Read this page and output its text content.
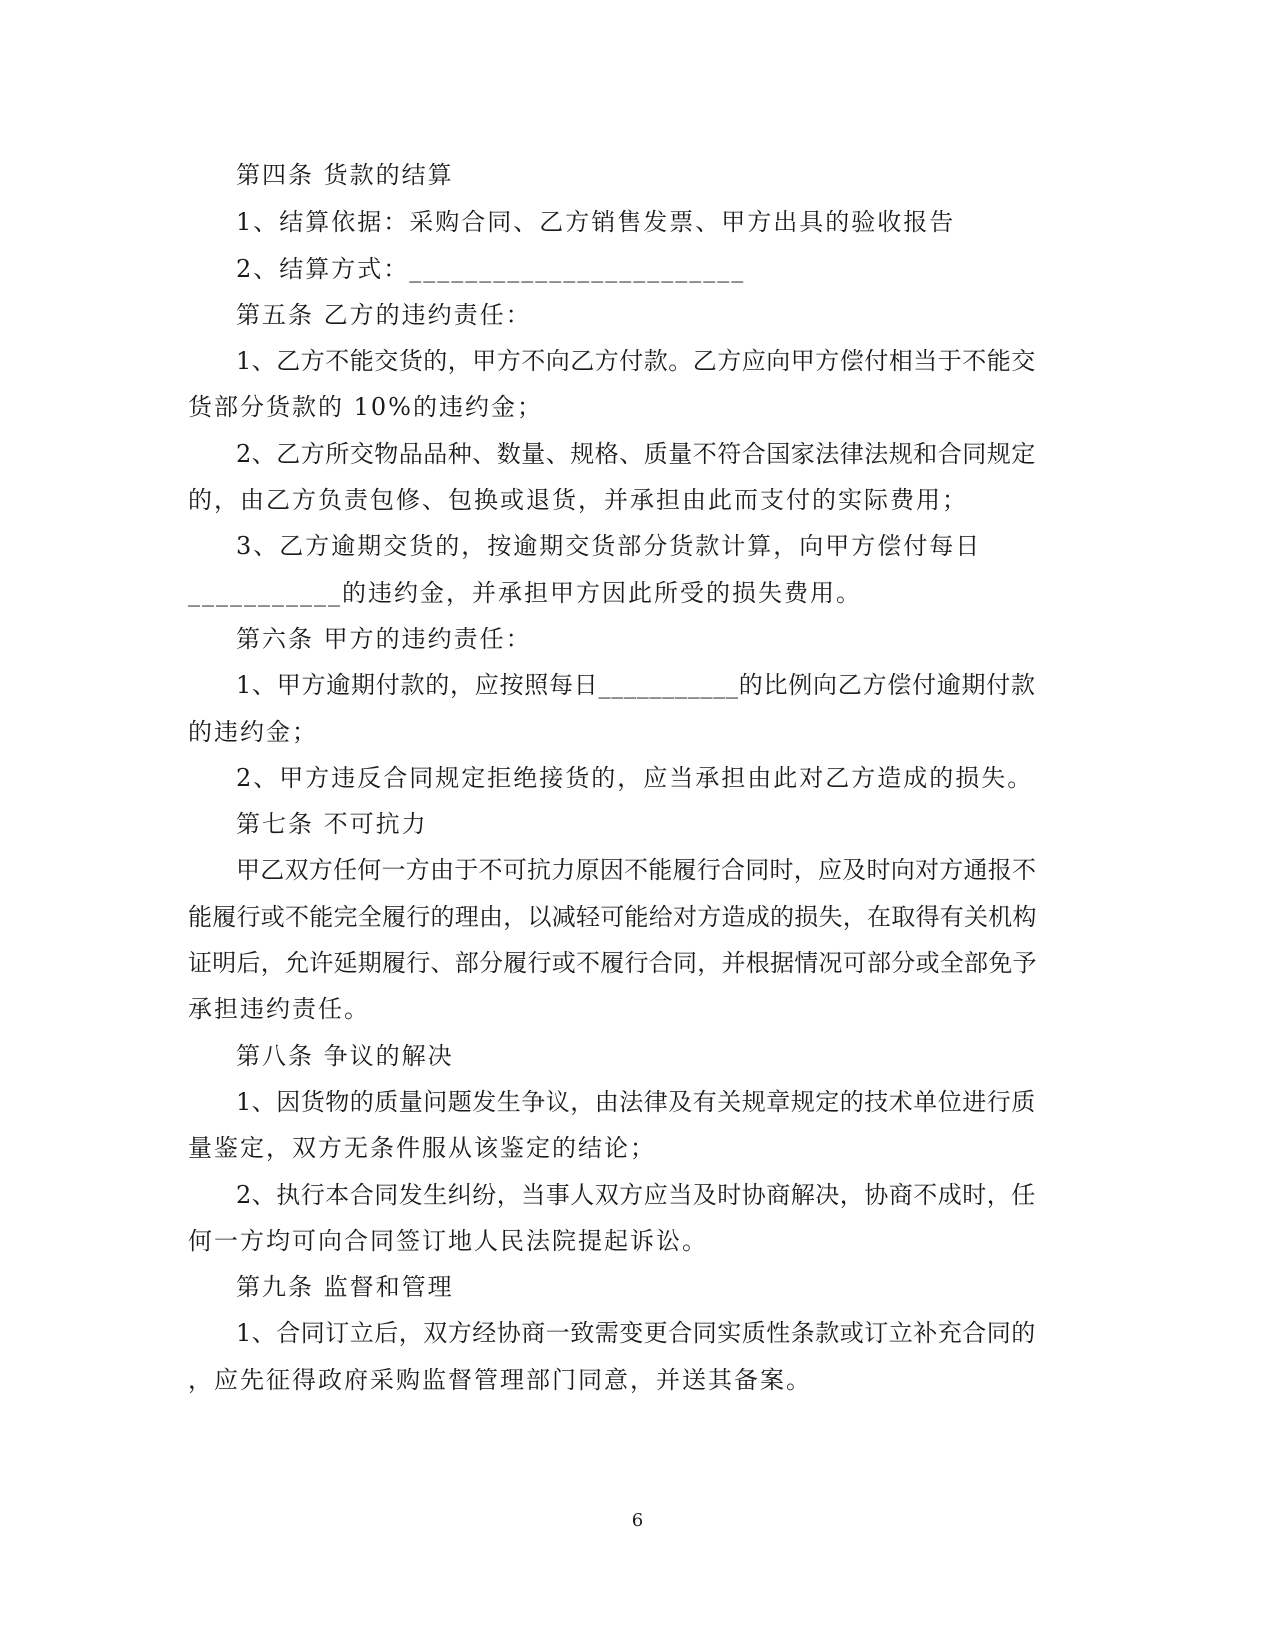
第四条 货款的结算
1、结算依据：采购合同、乙方销售发票、甲方出具的验收报告
2、结算方式：________________________
第五条 乙方的违约责任：
1、乙方不能交货的，甲方不向乙方付款。乙方应向甲方偿付相当于不能交
货部分货款的 10%的违约金；
2、乙方所交物品品种、数量、规格、质量不符合国家法律法规和合同规定
的，由乙方负责包修、包换或退货，并承担由此而支付的实际费用；
3、乙方逾期交货的，按逾期交货部分货款计算，向甲方偿付每日
___________的违约金，并承担甲方因此所受的损失费用。
第六条 甲方的违约责任：
1、甲方逾期付款的，应按照每日___________的比例向乙方偿付逾期付款
的违约金；
2、甲方违反合同规定拒绝接货的，应当承担由此对乙方造成的损失。
第七条 不可抗力
甲乙双方任何一方由于不可抗力原因不能履行合同时，应及时向对方通报不
能履行或不能完全履行的理由，以减轻可能给对方造成的损失，在取得有关机构
证明后，允许延期履行、部分履行或不履行合同，并根据情况可部分或全部免予
承担违约责任。
第八条 争议的解决
1、因货物的质量问题发生争议，由法律及有关规章规定的技术单位进行质
量鉴定，双方无条件服从该鉴定的结论；
2、执行本合同发生纠纷，当事人双方应当及时协商解决，协商不成时，任
何一方均可向合同签订地人民法院提起诉讼。
第九条 监督和管理
1、合同订立后，双方经协商一致需变更合同实质性条款或订立补充合同的
，应先征得政府采购监督管理部门同意，并送其备案。
6
